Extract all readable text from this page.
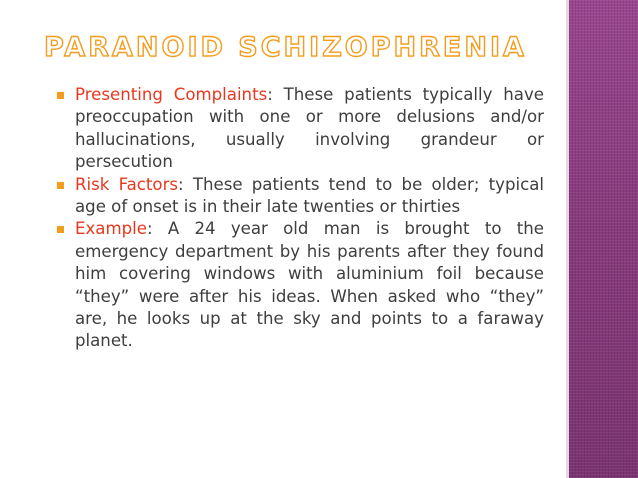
PARANOID SCHIZOPHRENIA
Presenting Complaints: These patients typically have preoccupation with one or more delusions and/or hallucinations, usually involving grandeur or persecution
Risk Factors: These patients tend to be older; typical age of onset is in their late twenties or thirties
Example: A 24 year old man is brought to the emergency department by his parents after they found him covering windows with aluminium foil because “they” were after his ideas. When asked who “they” are, he looks up at the sky and points to a faraway planet.
